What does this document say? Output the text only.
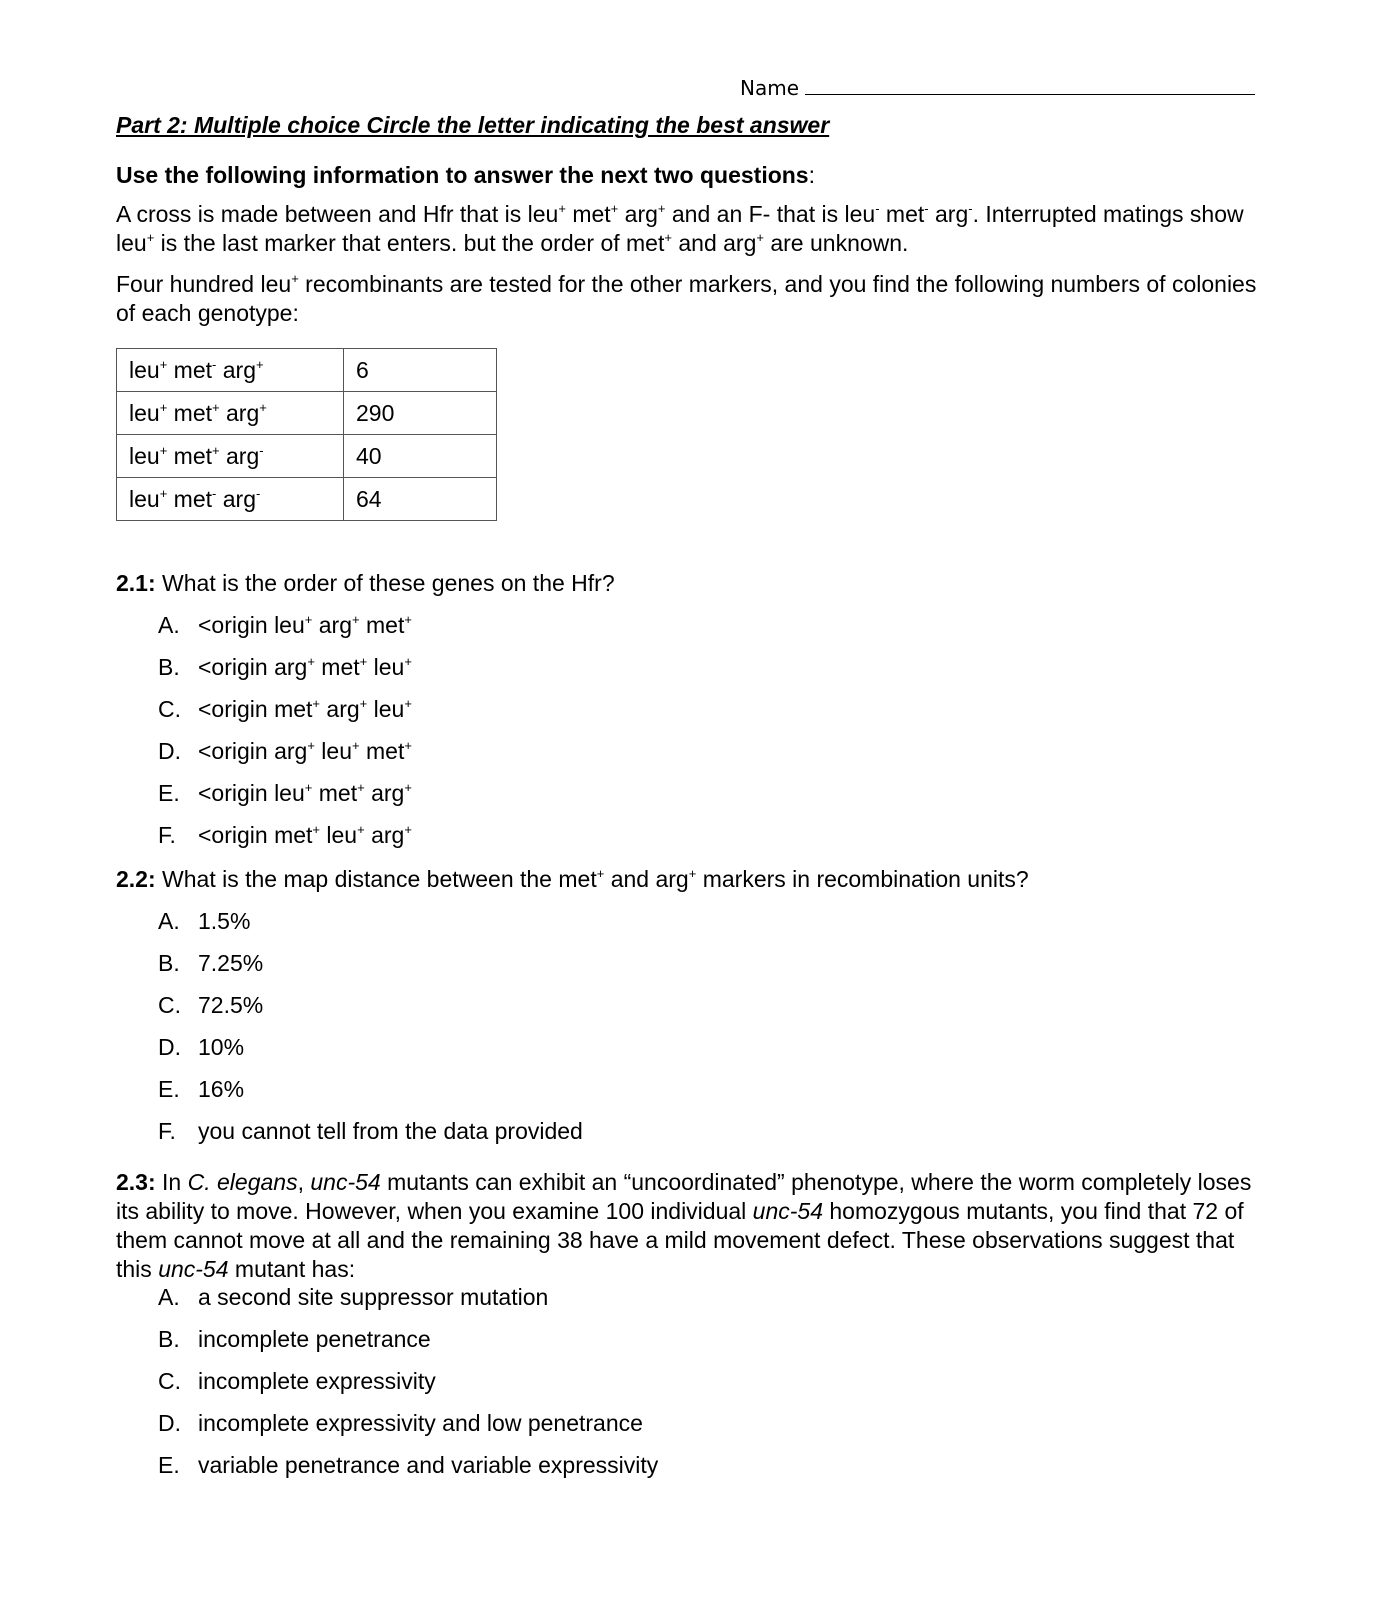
Name
Part 2: Multiple choice Circle the letter indicating the best answer
Use the following information to answer the next two questions:
A cross is made between and Hfr that is leu+ met+ arg+ and an F- that is leu- met- arg-. Interrupted matings show leu+ is the last marker that enters. but the order of met+ and arg+ are unknown.
Four hundred leu+ recombinants are tested for the other markers, and you find the following numbers of colonies of each genotype:
leu+ met- arg+	6
leu+ met+ arg+	290
leu+ met+ arg-	40
leu+ met- arg-	64
2.1: What is the order of these genes on the Hfr?
A. <origin leu+ arg+ met+
B. <origin arg+ met+ leu+
C. <origin met+ arg+ leu+
D. <origin arg+ leu+ met+
E. <origin leu+ met+ arg+
F. <origin met+ leu+ arg+
2.2: What is the map distance between the met+ and arg+ markers in recombination units?
A. 1.5%
B. 7.25%
C. 72.5%
D. 10%
E. 16%
F. you cannot tell from the data provided
2.3: In C. elegans, unc-54 mutants can exhibit an “uncoordinated” phenotype, where the worm completely loses its ability to move. However, when you examine 100 individual unc-54 homozygous mutants, you find that 72 of them cannot move at all and the remaining 38 have a mild movement defect. These observations suggest that this unc-54 mutant has:
A. a second site suppressor mutation
B. incomplete penetrance
C. incomplete expressivity
D. incomplete expressivity and low penetrance
E. variable penetrance and variable expressivity
